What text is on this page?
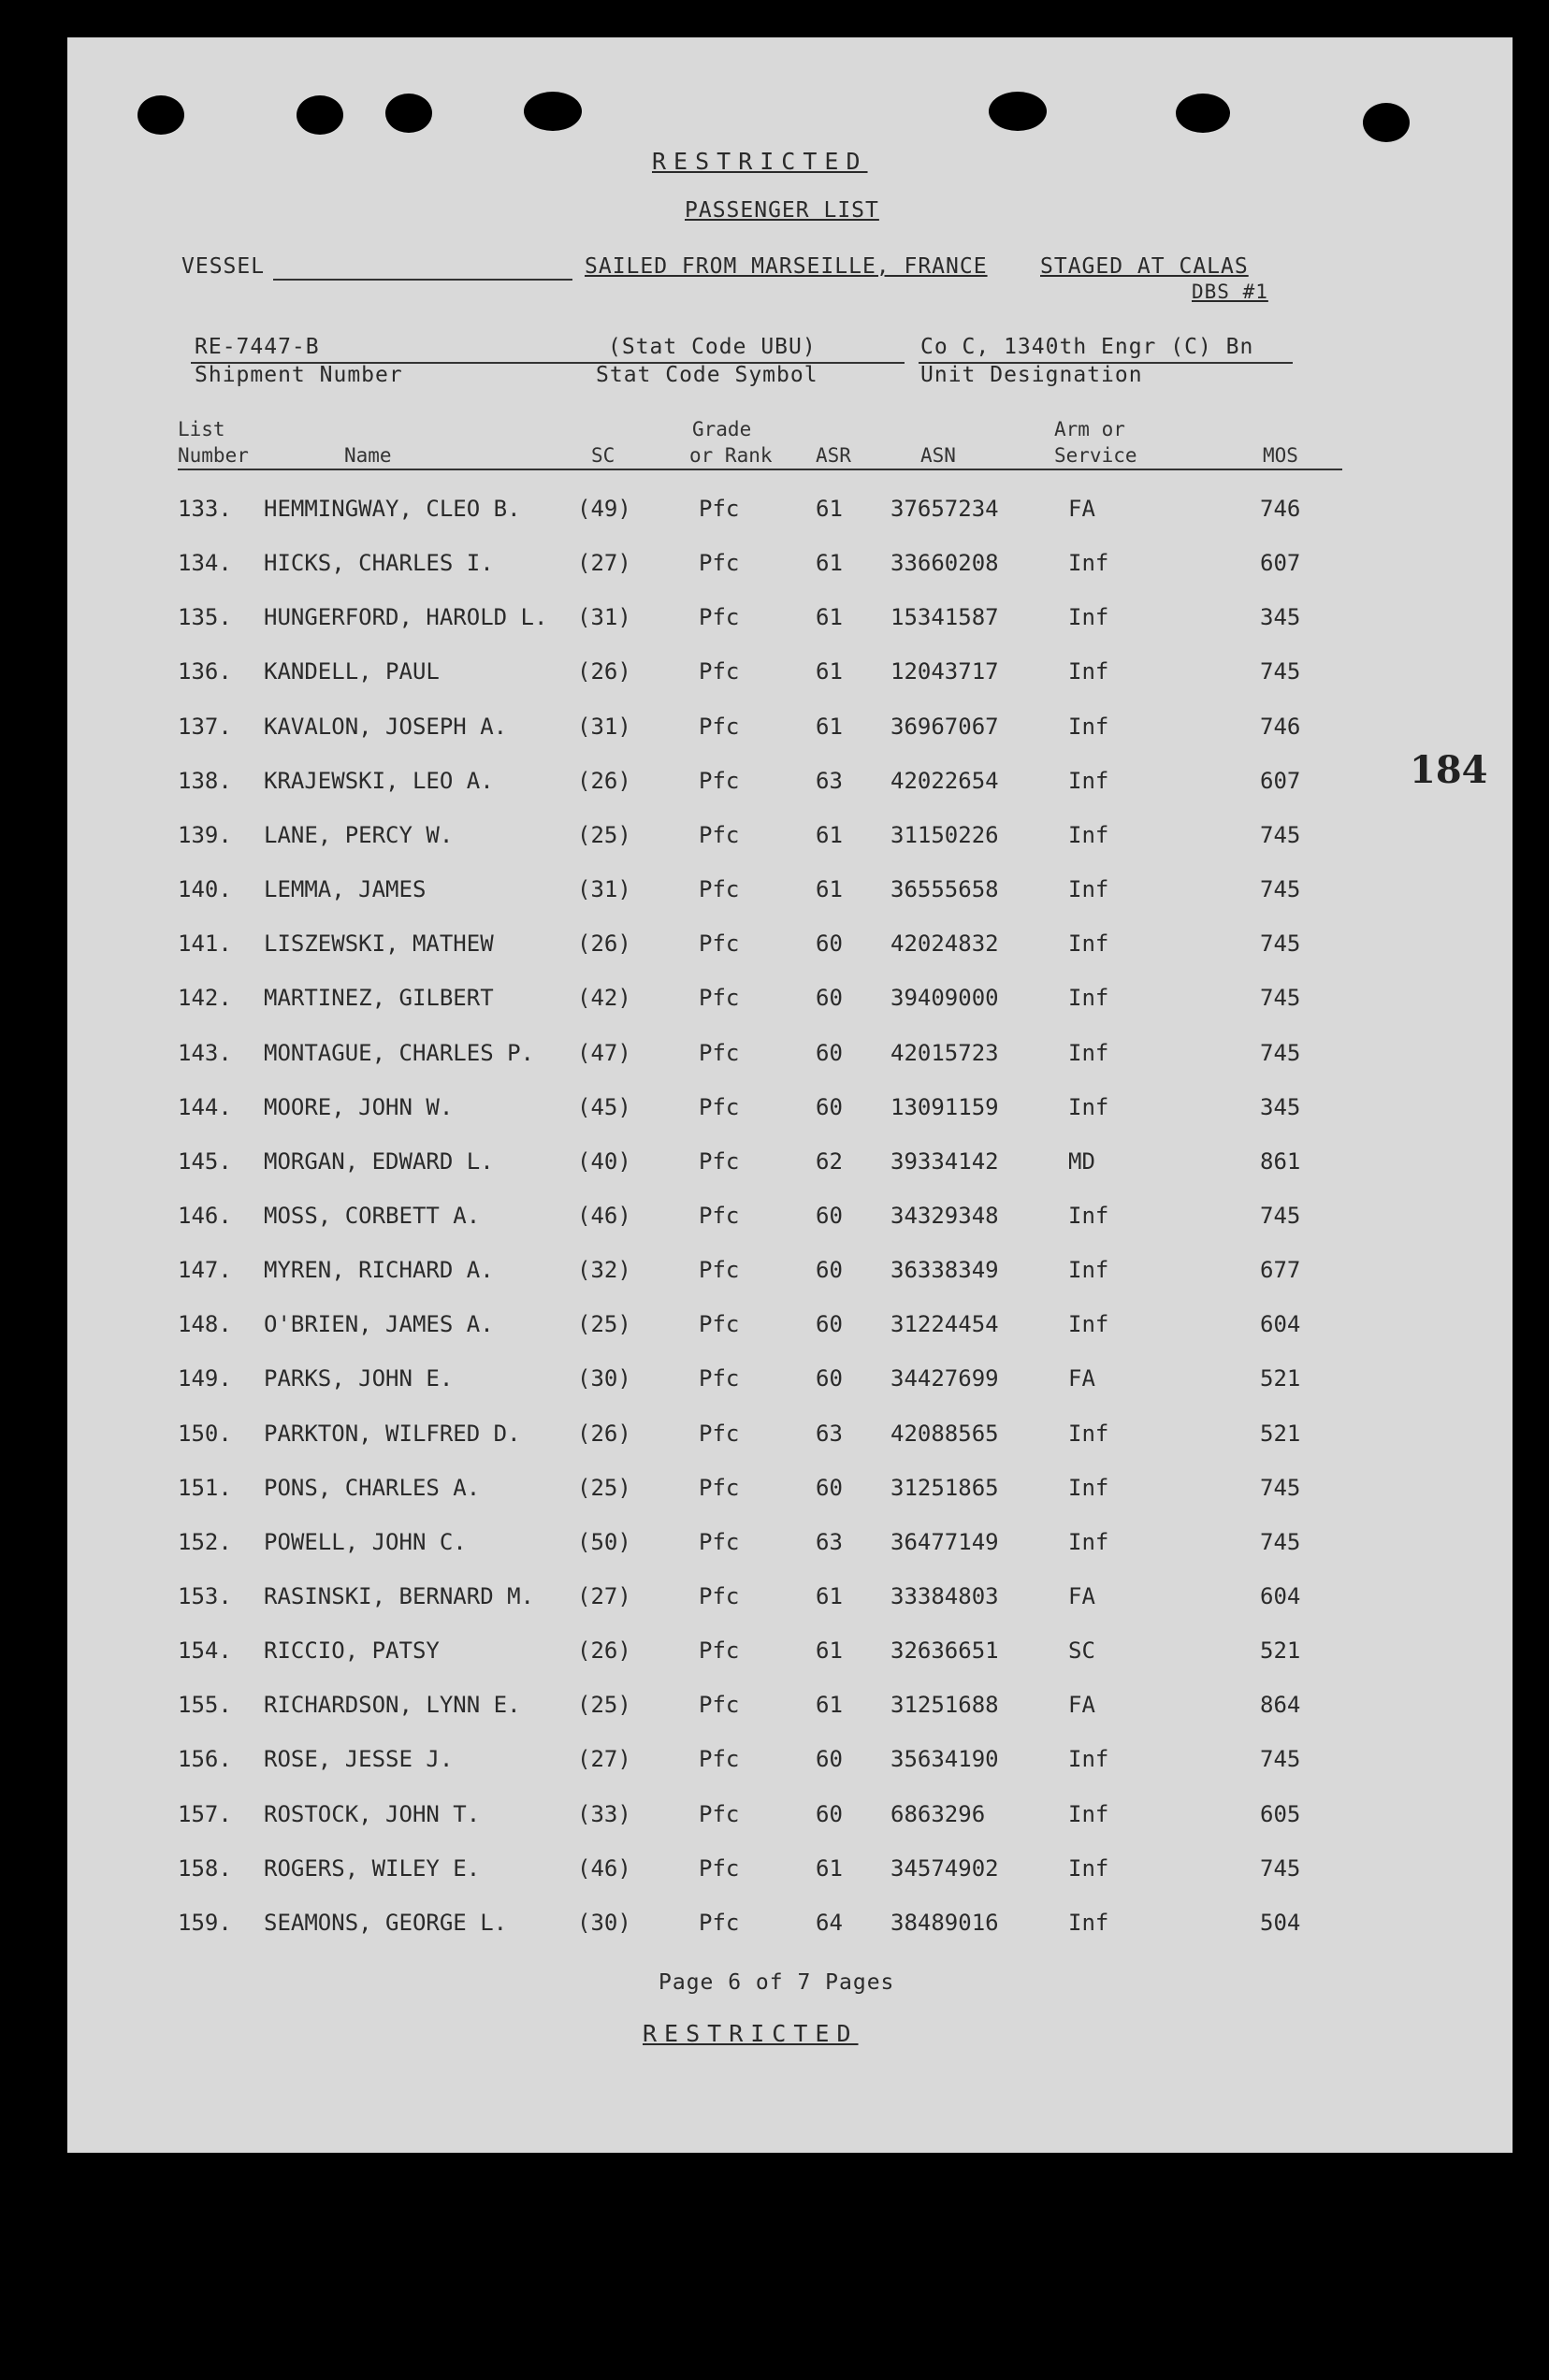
RESTRICTED
PASSENGER LIST
VESSEL	SAILED FROM MARSEILLE, FRANCE STAGED AT CALAS
DBS #1
RE-7447-B
Shipment Number
(Stat Code UBU)
Stat Code Symbol
Co C, 1340th Engr (C) Bn
Unit Designation
List
Number	Name	SC
Grade
or Rank ASR	ASN
Arm or
Service	MOS
133. HEMMINGWAY, CLEO B.	(49)	Pfc	61 37657234	FA	746
134. HICKS, CHARLES I.	(27)	Pfc	61 33660208	Inf	607
135. HUNGERFORD, HAROLD L. (31)	Pfc	61 15341587	Inf	345
136. KANDELL, PAUL	(26)	Pfc	61 12043717	Inf	745
137. KAVALON, JOSEPH A.	(31)	Pfc	61 36967067	Inf	746
138. KRAJEWSKI, LEO A.	(26)	Pfc	63 42022654	Inf	607
139. LANE, PERCY W.	(25)	Pfc	61 31150226	Inf	745
140. LEMMA, JAMES	(31)	Pfc	61 36555658	Inf	745
141. LISZEWSKI, MATHEW	(26)	Pfc	60 42024832	Inf	745
142. MARTINEZ, GILBERT	(42)	Pfc	60 39409000	Inf	745
143. MONTAGUE, CHARLES P. (47)	Pfc	60 42015723	Inf	745
144. MOORE, JOHN W.	(45)	Pfc	60 13091159	Inf	345
145. MORGAN, EDWARD L.	(40)	Pfc	62 39334142	MD	861
146. MOSS, CORBETT A.	(46)	Pfc	60 34329348	Inf	745
147. MYREN, RICHARD A.	(32)	Pfc	60 36338349	Inf	677
148. O'BRIEN, JAMES A.	(25)	Pfc	60 31224454	Inf	604
149. PARKS, JOHN E.	(30)	Pfc	60 34427699	FA	521
150. PARKTON, WILFRED D.	(26)	Pfc	63 42088565	Inf	521
151. PONS, CHARLES A.	(25)	Pfc	60 31251865	Inf	745
152. POWELL, JOHN C.	(50)	Pfc	63 36477149	Inf	745
153. RASINSKI, BERNARD M. (27)	Pfc	61 33384803	FA	604
154. RICCIO, PATSY	(26)	Pfc	61 32636651	SC	521
155. RICHARDSON, LYNN E.	(25)	Pfc	61 31251688	FA	864
156. ROSE, JESSE J.	(27)	Pfc	60 35634190	Inf	745
157. ROSTOCK, JOHN T.	(33)	Pfc	60 6863296	Inf	605
158. ROGERS, WILEY E.	(46)	Pfc	61 34574902	Inf	745
159. SEAMONS, GEORGE L.	(30)	Pfc	64 38489016	Inf	504
184
Page 6 of 7 Pages
RESTRICTED
